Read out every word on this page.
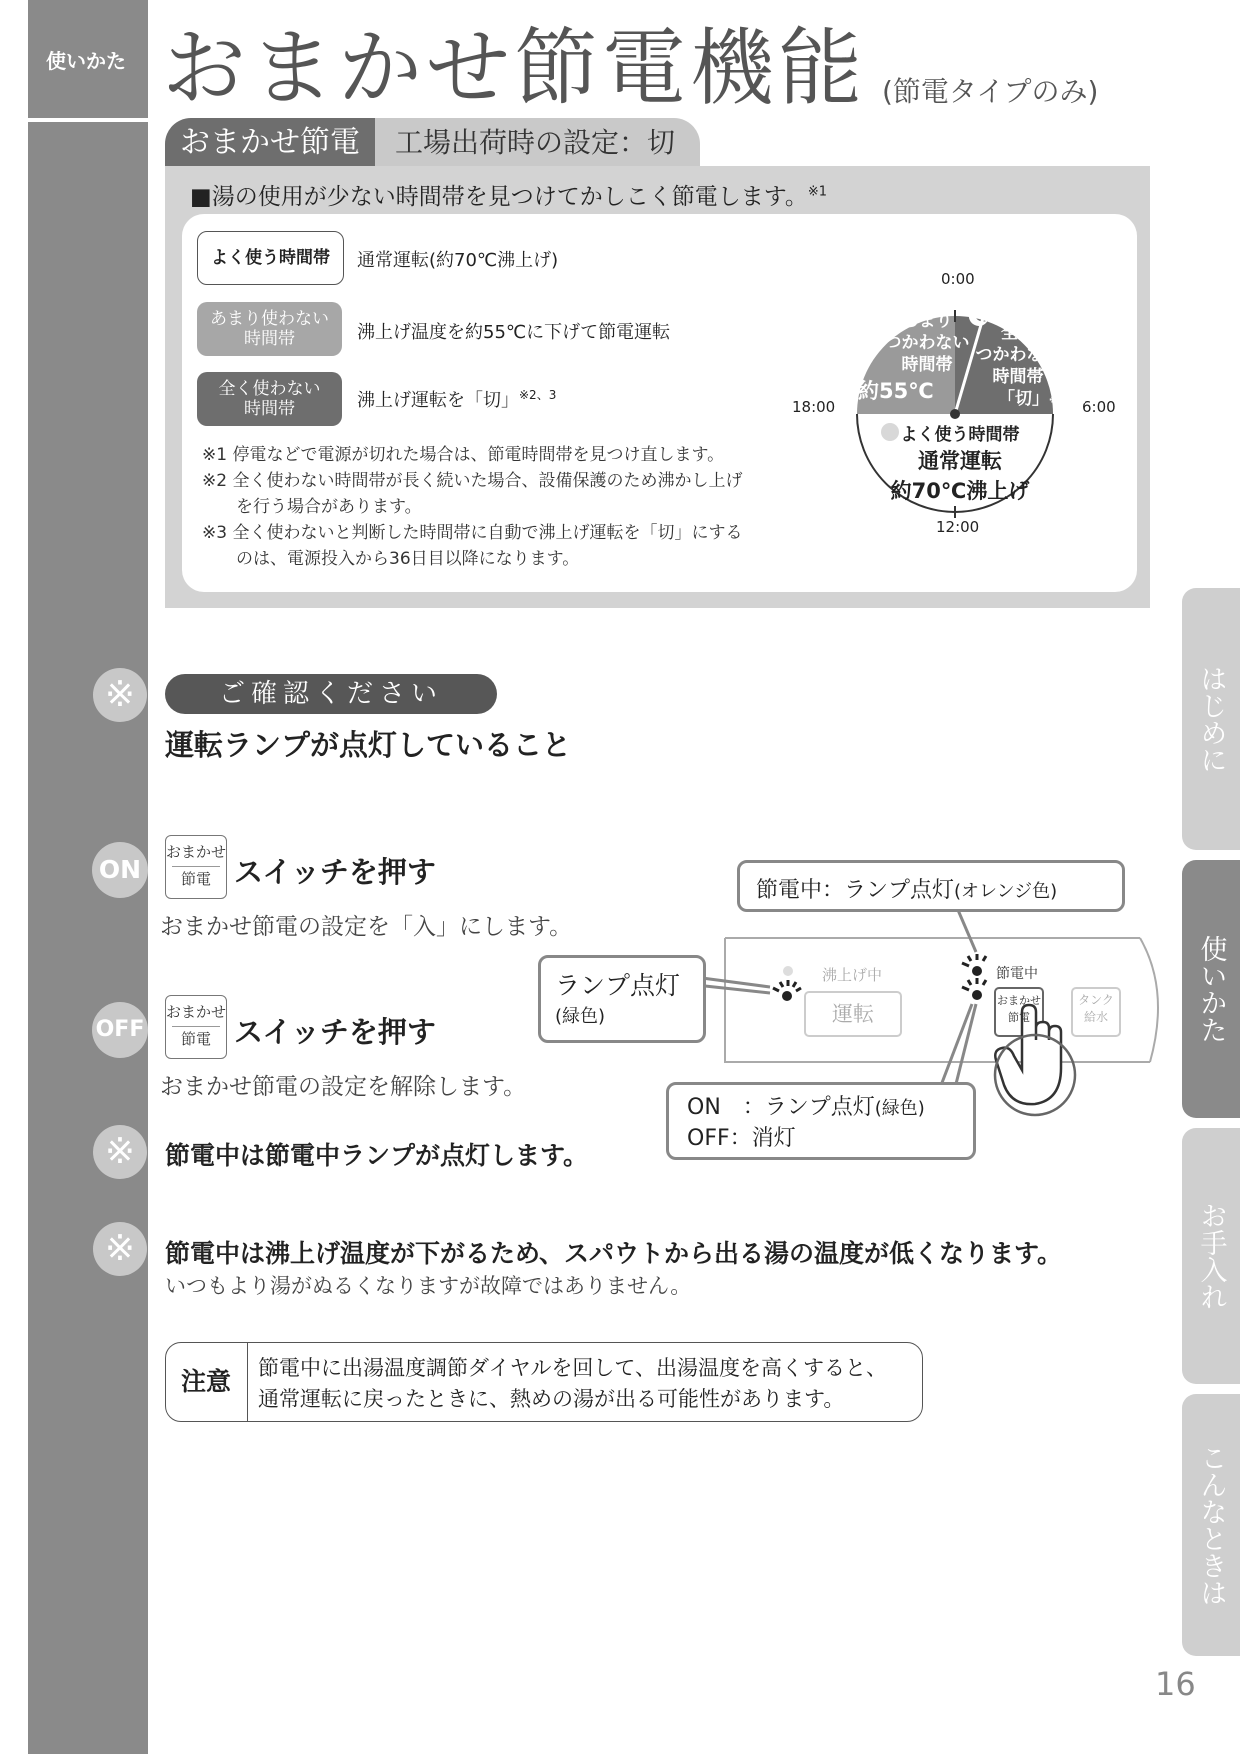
使いかた おまかせ節電機能 (節電タイプのみ)
おまかせ節電	工場出荷時の設定：切
■湯の使用が少ない時間帯を見つけてかしこく節電します。$^{※1}$
よく使う時間帯	通常運転(約70℃沸上げ)
あまり使わない
時間帯	沸上げ温度を約55℃に下げて節電運転
全く使わない
時間帯	沸上げ運転を「切」$^{※2、3}$
※1 停電などで電源が切れた場合は、節電時間帯を見つけ直します。
※2 全く使わない時間帯が長く続いた場合、設備保護のため沸かし上げ
　　を行う場合があります。
※3 全く使わないと判断した時間帯に自動で沸上げ運転を「切」にする
　　のは、電源投入から36日目以降になります。
0:00
6:00
12:00
18:00
あまり
つかわない
時間帯
約55℃
全く
つかわない
時間帯
「切」※2、3
よく使う時間帯
通常運転
約70℃沸上げ
※	ご確認ください
運転ランプが点灯していること
ON
おまかせ
節電 スイッチを押す
おまかせ節電の設定を「入」にします。
OFF
おまかせ
節電 スイッチを押す
おまかせ節電の設定を解除します。
沸上げ中
運転
節電中
おまかせ
節電
タンク
給水
節電中：ランプ点灯(オレンジ色)
ランプ点灯
(緑色)
ON　：ランプ点灯(緑色)
OFF：消灯
※	節電中は節電中ランプが点灯します。
※	節電中は沸上げ温度が下がるため、スパウトから出る湯の温度が低くなります。
いつもより湯がぬるくなりますが故障ではありません。
注意	節電中に出湯温度調節ダイヤルを回して、出湯温度を高くすると、
通常運転に戻ったときに、熱めの湯が出る可能性があります。
はじめに
使いかた
お手入れ
こんなときは
16
